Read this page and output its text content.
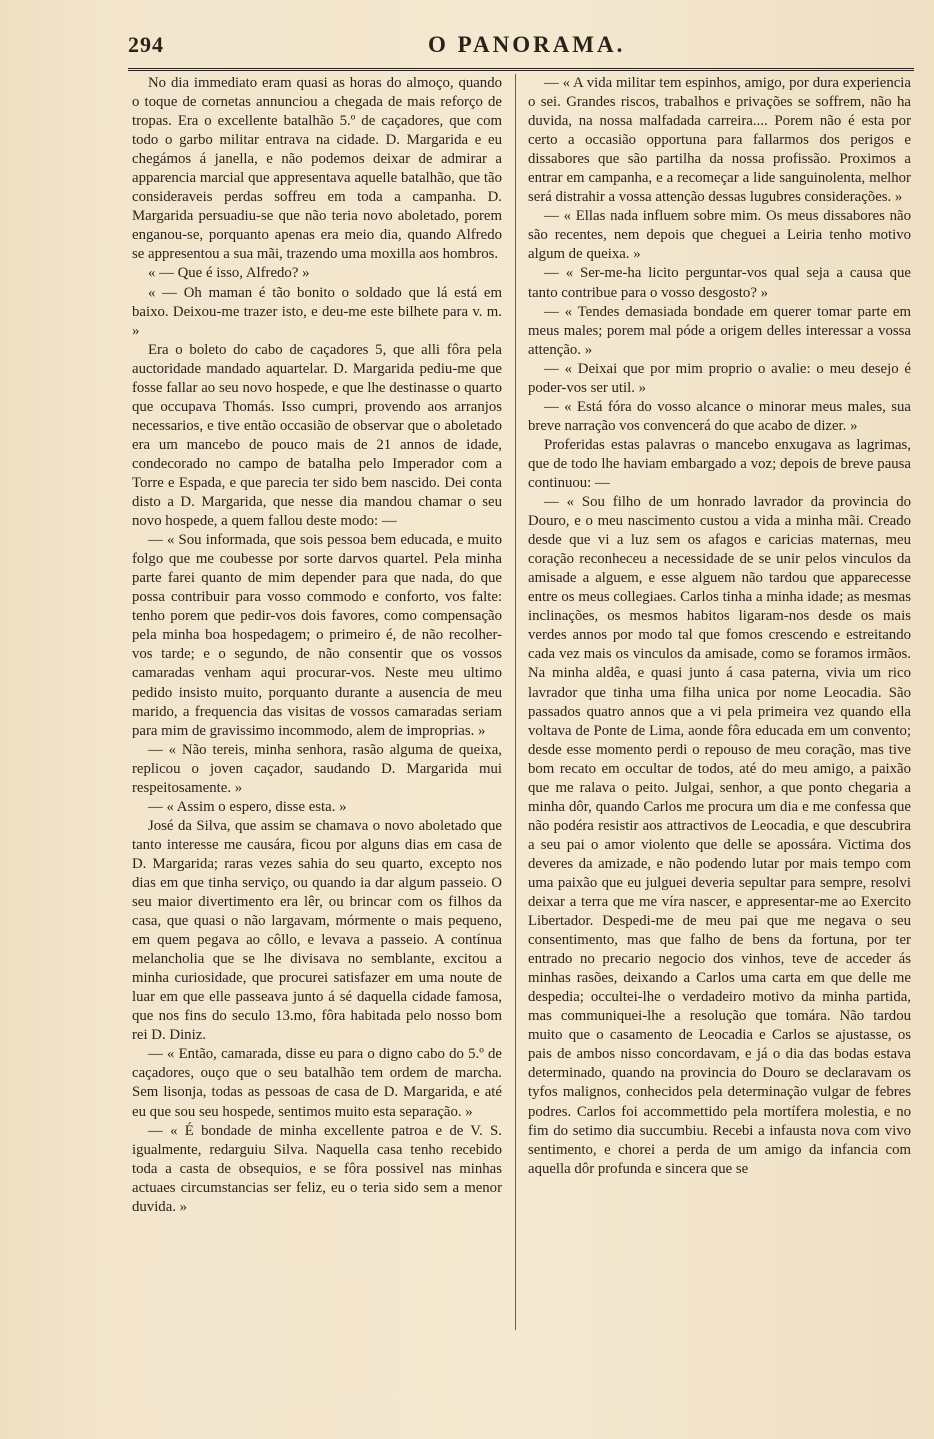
294	O PANORAMA.

No dia immediato eram quasi as horas do almoço, quando o toque de cornetas annunciou a chegada de mais reforço de tropas. Era o excellente batalhão 5.º de caçadores, que com todo o garbo militar entrava na cidade. D. Margarida e eu chegámos á janella, e não podemos deixar de admirar a apparencia marcial que appresentava aquelle batalhão, que tão consideraveis perdas soffreu em toda a campanha. D. Margarida persuadiu-se que não teria novo aboletado, porem enganou-se, porquanto apenas era meio dia, quando Alfredo se appresentou a sua mãi, trazendo uma moxilla aos hombros.

« — Que é isso, Alfredo? »

« — Oh maman é tão bonito o soldado que lá está em baixo. Deixou-me trazer isto, e deu-me este bilhete para v. m. »

Era o boleto do cabo de caçadores 5, que alli fôra pela auctoridade mandado aquartelar. D. Margarida pediu-me que fosse fallar ao seu novo hospede, e que lhe destinasse o quarto que occupava Thomás. Isso cumpri, provendo aos arranjos necessarios, e tive então occasião de observar que o aboletado era um mancebo de pouco mais de 21 annos de idade, condecorado no campo de batalha pelo Imperador com a Torre e Espada, e que parecia ter sido bem nascido. Dei conta disto a D. Margarida, que nesse dia mandou chamar o seu novo hospede, a quem fallou deste modo: —

— « Sou informada, que sois pessoa bem educada, e muito folgo que me coubesse por sorte darvos quartel. Pela minha parte farei quanto de mim depender para que nada, do que possa contribuir para vosso commodo e conforto, vos falte: tenho porem que pedir-vos dois favores, como compensação pela minha boa hospedagem; o primeiro é, de não recolher-vos tarde; e o segundo, de não consentir que os vossos camaradas venham aqui procurar-vos. Neste meu ultimo pedido insisto muito, porquanto durante a ausencia de meu marido, a frequencia das visitas de vossos camaradas seriam para mim de gravissimo incommodo, alem de improprias. »

— « Não tereis, minha senhora, rasão alguma de queixa, replicou o joven caçador, saudando D. Margarida mui respeitosamente. »

— « Assim o espero, disse esta. »

José da Silva, que assim se chamava o novo aboletado que tanto interesse me causára, ficou por alguns dias em casa de D. Margarida; raras vezes sahia do seu quarto, excepto nos dias em que tinha serviço, ou quando ia dar algum passeio. O seu maior divertimento era lêr, ou brincar com os filhos da casa, que quasi o não largavam, mórmente o mais pequeno, em quem pegava ao côllo, e levava a passeio. A contínua melancholia que se lhe divisava no semblante, excitou a minha curiosidade, que procurei satisfazer em uma noute de luar em que elle passeava junto á sé daquella cidade famosa, que nos fins do seculo 13.mo, fôra habitada pelo nosso bom rei D. Diniz.

— « Então, camarada, disse eu para o digno cabo do 5.º de caçadores, ouço que o seu batalhão tem ordem de marcha. Sem lisonja, todas as pessoas de casa de D. Margarida, e até eu que sou seu hospede, sentimos muito esta separação. »

— « É bondade de minha excellente patroa e de V. S. igualmente, redarguiu Silva. Naquella casa tenho recebido toda a casta de obsequios, e se fôra possivel nas minhas actuaes circumstancias ser feliz, eu o teria sido sem a menor duvida. »

— « A vida militar tem espinhos, amigo, por dura experiencia o sei. Grandes riscos, trabalhos e privações se soffrem, não ha duvida, na nossa malfadada carreira.... Porem não é esta por certo a occasião opportuna para fallarmos dos perigos e dissabores que são partilha da nossa profissão. Proximos a entrar em campanha, e a recomeçar a lide sanguinolenta, melhor será distrahir a vossa attenção dessas lugubres considerações. »

— « Ellas nada influem sobre mim. Os meus dissabores não são recentes, nem depois que cheguei a Leiria tenho motivo algum de queixa. »

— « Ser-me-ha licito perguntar-vos qual seja a causa que tanto contribue para o vosso desgosto? »

— « Tendes demasiada bondade em querer tomar parte em meus males; porem mal póde a origem delles interessar a vossa attenção. »

— « Deixai que por mim proprio o avalie: o meu desejo é poder-vos ser util. »

— « Está fóra do vosso alcance o minorar meus males, sua breve narração vos convencerá do que acabo de dizer. »

Proferidas estas palavras o mancebo enxugava as lagrimas, que de todo lhe haviam embargado a voz; depois de breve pausa continuou: —

— « Sou filho de um honrado lavrador da provincia do Douro, e o meu nascimento custou a vida a minha mãi. Creado desde que vi a luz sem os afagos e caricias maternas, meu coração reconheceu a necessidade de se unir pelos vinculos da amisade a alguem, e esse alguem não tardou que apparecesse entre os meus collegiaes. Carlos tinha a minha idade; as mesmas inclinações, os mesmos habitos ligaram-nos desde os mais verdes annos por modo tal que fomos crescendo e estreitando cada vez mais os vinculos da amisade, como se foramos irmãos. Na minha aldêa, e quasi junto á casa paterna, vivia um rico lavrador que tinha uma filha unica por nome Leocadia. São passados quatro annos que a vi pela primeira vez quando ella voltava de Ponte de Lima, aonde fôra educada em um convento; desde esse momento perdi o repouso de meu coração, mas tive bom recato em occultar de todos, até do meu amigo, a paixão que me ralava o peito. Julgai, senhor, a que ponto chegaria a minha dôr, quando Carlos me procura um dia e me confessa que não podéra resistir aos attractivos de Leocadia, e que descubrira a seu pai o amor violento que delle se apossára. Victima dos deveres da amizade, e não podendo lutar por mais tempo com uma paixão que eu julguei deveria sepultar para sempre, resolvi deixar a terra que me víra nascer, e appresentar-me ao Exercito Libertador. Despedi-me de meu pai que me negava o seu consentimento, mas que falho de bens da fortuna, por ter entrado no precario negocio dos vinhos, teve de acceder ás minhas rasões, deixando a Carlos uma carta em que delle me despedia; occultei-lhe o verdadeiro motivo da minha partida, mas communiquei-lhe a resolução que tomára. Não tardou muito que o casamento de Leocadia e Carlos se ajustasse, os pais de ambos nisso concordavam, e já o dia das bodas estava determinado, quando na provincia do Douro se declaravam os tyfos malignos, conhecidos pela determinação vulgar de febres podres. Carlos foi accommettido pela mortífera molestia, e no fim do setimo dia succumbiu. Recebi a infausta nova com vivo sentimento, e chorei a perda de um amigo da infancia com aquella dôr profunda e sincera que se
